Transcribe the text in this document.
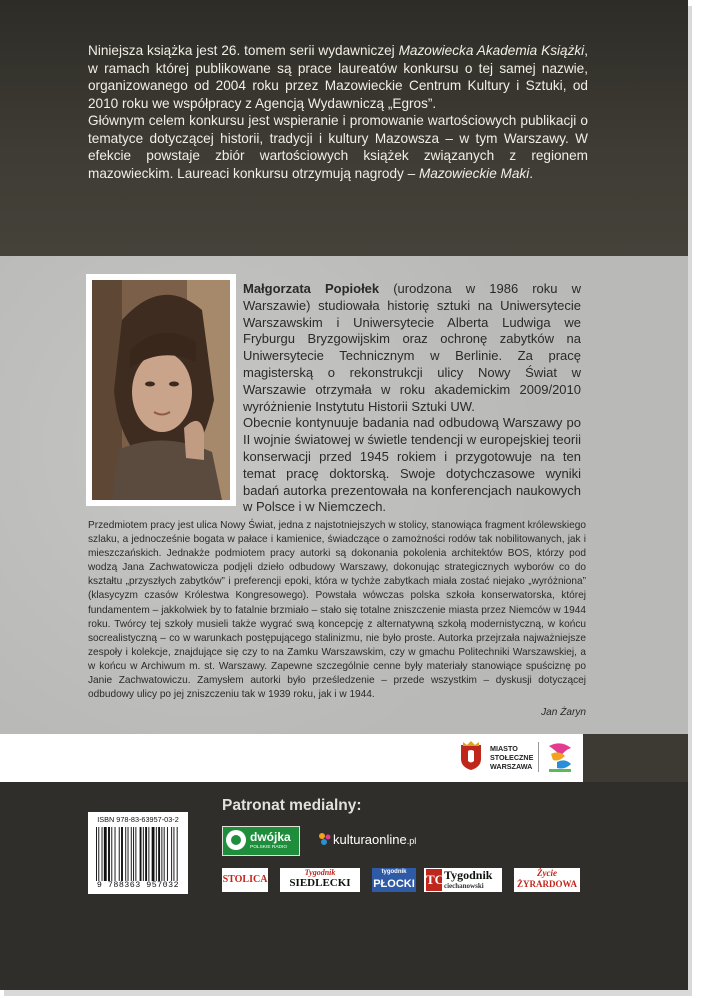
Niniejsza książka jest 26. tomem serii wydawniczej Mazowiecka Akademia Książki, w ramach której publikowane są prace laureatów konkursu o tej samej nazwie, organizowanego od 2004 roku przez Mazowieckie Centrum Kultury i Sztuki, od 2010 roku we współpracy z Agencją Wydawniczą „Egros”.

Głównym celem konkursu jest wspieranie i promowanie wartościowych publikacji o tematyce dotyczącej historii, tradycji i kultury Mazowsza – w tym Warszawy. W efekcie powstaje zbiór wartościowych książek związanych z regionem mazowieckim. Laureaci konkursu otrzymują nagrody – Mazowieckie Maki.

Małgorzata Popiołek (urodzona w 1986 roku w Warszawie) studiowała historię sztuki na Uniwersytecie Warszawskim i Uniwersytecie Alberta Ludwiga we Fryburgu Bryzgowijskim oraz ochronę zabytków na Uniwersytecie Technicznym w Berlinie. Za pracę magisterską o rekonstrukcji ulicy Nowy Świat w Warszawie otrzymała w roku akademickim 2009/2010 wyróżnienie Instytutu Historii Sztuki UW.

Obecnie kontynuuje badania nad odbudową Warszawy po II wojnie światowej w świetle tendencji w europejskiej teorii konserwacji przed 1945 rokiem i przygotowuje na ten temat pracę doktorską. Swoje dotychczasowe wyniki badań autorka prezentowała na konferencjach naukowych w Polsce i w Niemczech.

Przedmiotem pracy jest ulica Nowy Świat, jedna z najstotniejszych w stolicy, stanowiąca fragment królewskiego szlaku, a jednocześnie bogata w pałace i kamienice, świadczące o zamożności rodów tak nobilitowanych, jak i mieszczańskich. Jednakże podmiotem pracy autorki są dokonania pokolenia architektów BOS, którzy pod wodzą Jana Zachwatowicza podjęli dzieło odbudowy Warszawy, dokonując strategicznych wyborów co do kształtu „przyszłych zabytków” i preferencji epoki, która w tychże zabytkach miała zostać niejako „wyróżniona” (klasycyzm czasów Królestwa Kongresowego). Powstała wówczas polska szkoła konserwatorska, której fundamentem – jakkolwiek by to fatalnie brzmiało – stało się totalne zniszczenie miasta przez Niemców w 1944 roku. Twórcy tej szkoły musieli także wygrać swą koncepcję z alternatywną szkołą modernistyczną, w końcu socrealistyczną – co w warunkach postępującego stalinizmu, nie było proste. Autorka przejrzała najważniejsze zespoły i kolekcje, znajdujące się czy to na Zamku Warszawskim, czy w gmachu Politechniki Warszawskiej, a w końcu w Archiwum m. st. Warszawy. Zapewne szczególnie cenne były materiały stanowiące spuściznę po Janie Zachwatowiczu. Zamysłem autorki było prześledzenie – przede wszystkim – dyskusji dotyczącej odbudowy ulicy po jej zniszczeniu tak w 1939 roku, jak i w 1944.

Jan Żaryn
MIASTO
STOŁECZNE
WARSZAWA
Patronat medialny:
ISBN 978-83-63957-03-2
9 788363 957032
dwójka
POLSKIE RADIO
kulturaonline.pl
STOLICA
Tygodnik
SIEDLECKI
tygodnik
PŁOCKI TC Tygodnik
ciechanowski
Życie
ŻYRARDOWA
